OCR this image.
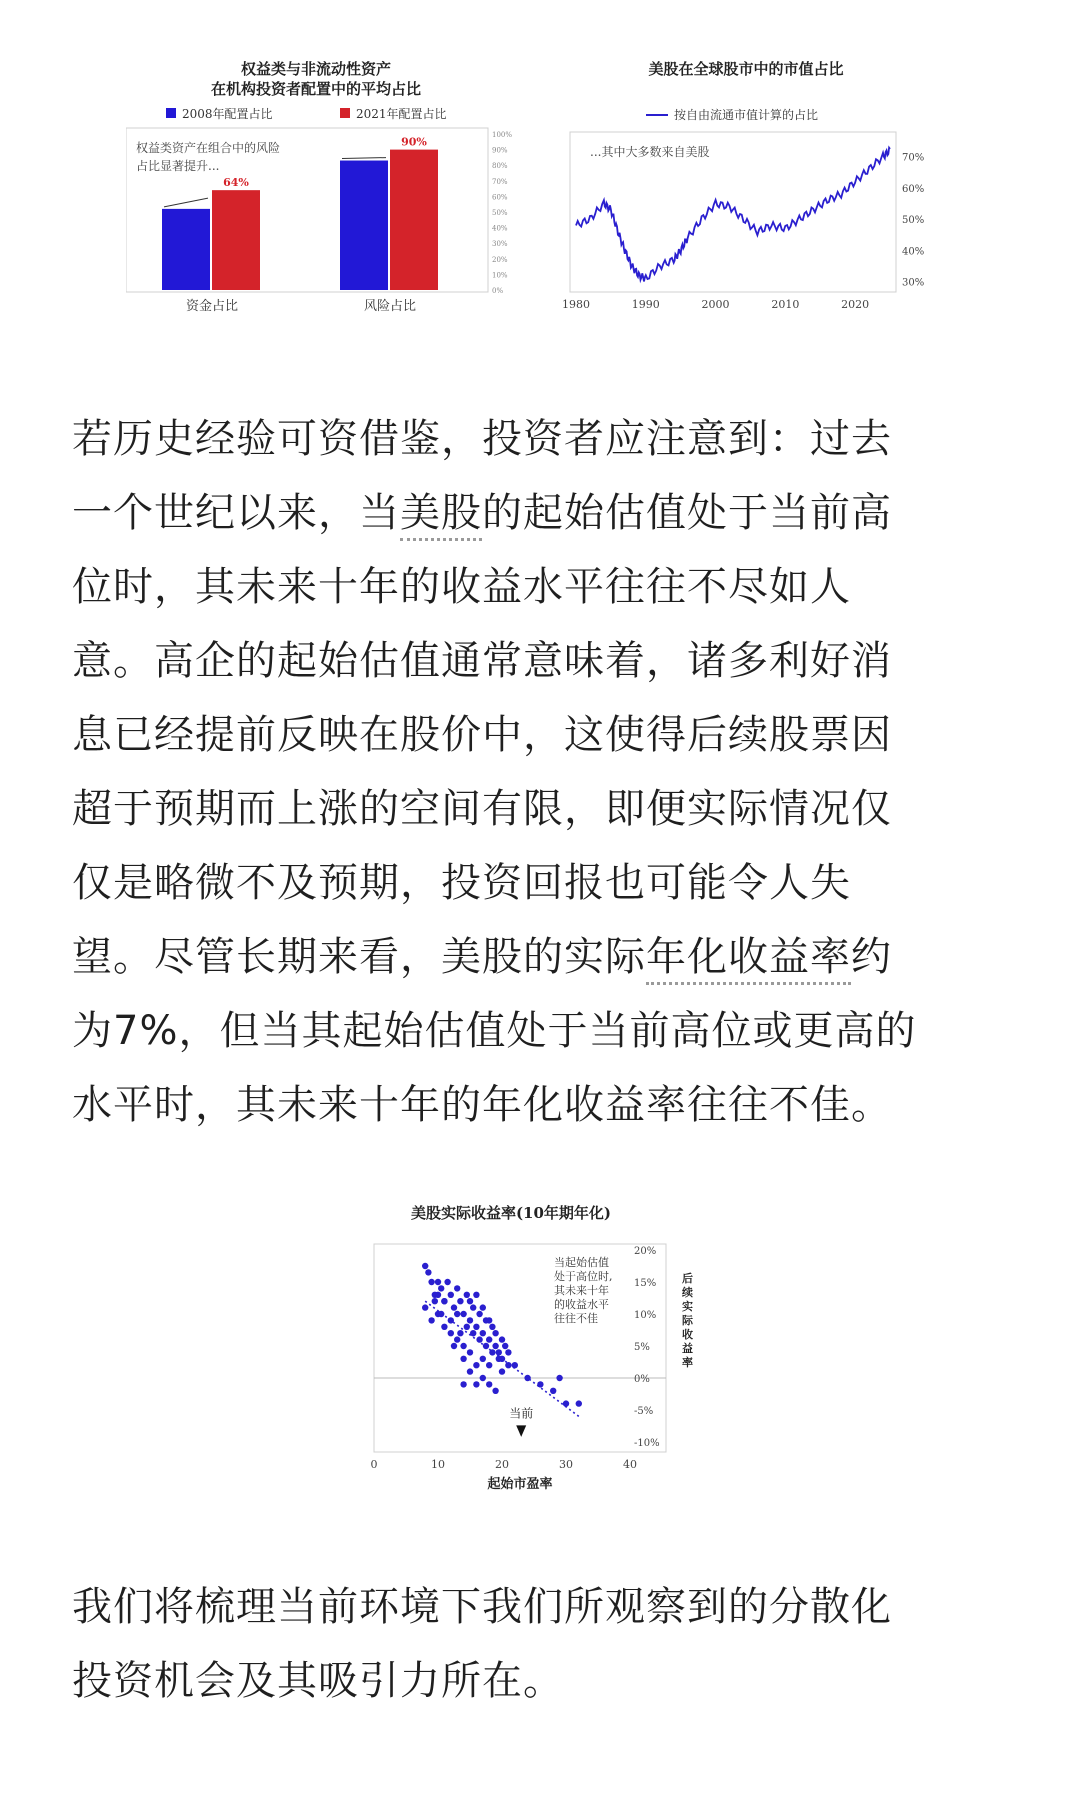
权益类与非流动性资产
在机构投资者配置中的平均占比
2008年配置占比	2021年配置占比
权益类资产在组合中的风险
占比显著提升...
64%
90%
100%
90%
80%
70%
60%
50%
40%
30%
20%
10%
0%
资金占比	风险占比
美股在全球股市中的市值占比
按自由流通市值计算的占比
...其中大多数来自美股
1980	1990	2000	2010	2020
70%
60%
50%
40%
30%
若历史经验可资借鉴，投资者应注意到：过去
一个世纪以来，当美股的起始估值处于当前高
位时，其未来十年的收益水平往往不尽如人
意。高企的起始估值通常意味着，诸多利好消
息已经提前反映在股价中，这使得后续股票因
超于预期而上涨的空间有限，即便实际情况仅
仅是略微不及预期，投资回报也可能令人失
望。尽管长期来看，美股的实际年化收益率约
为7%，但当其起始估值处于当前高位或更高的
水平时，其未来十年的年化收益率往往不佳。
美股实际收益率(10年期年化)
当起始估值
处于高位时,
其未来十年
的收益水平
往往不佳
当前
0	10	20	30	40
20%
15%
10%
5%
0%
-5%
-10%
后续实际收益率
起始市盈率
我们将梳理当前环境下我们所观察到的分散化
投资机会及其吸引力所在。
